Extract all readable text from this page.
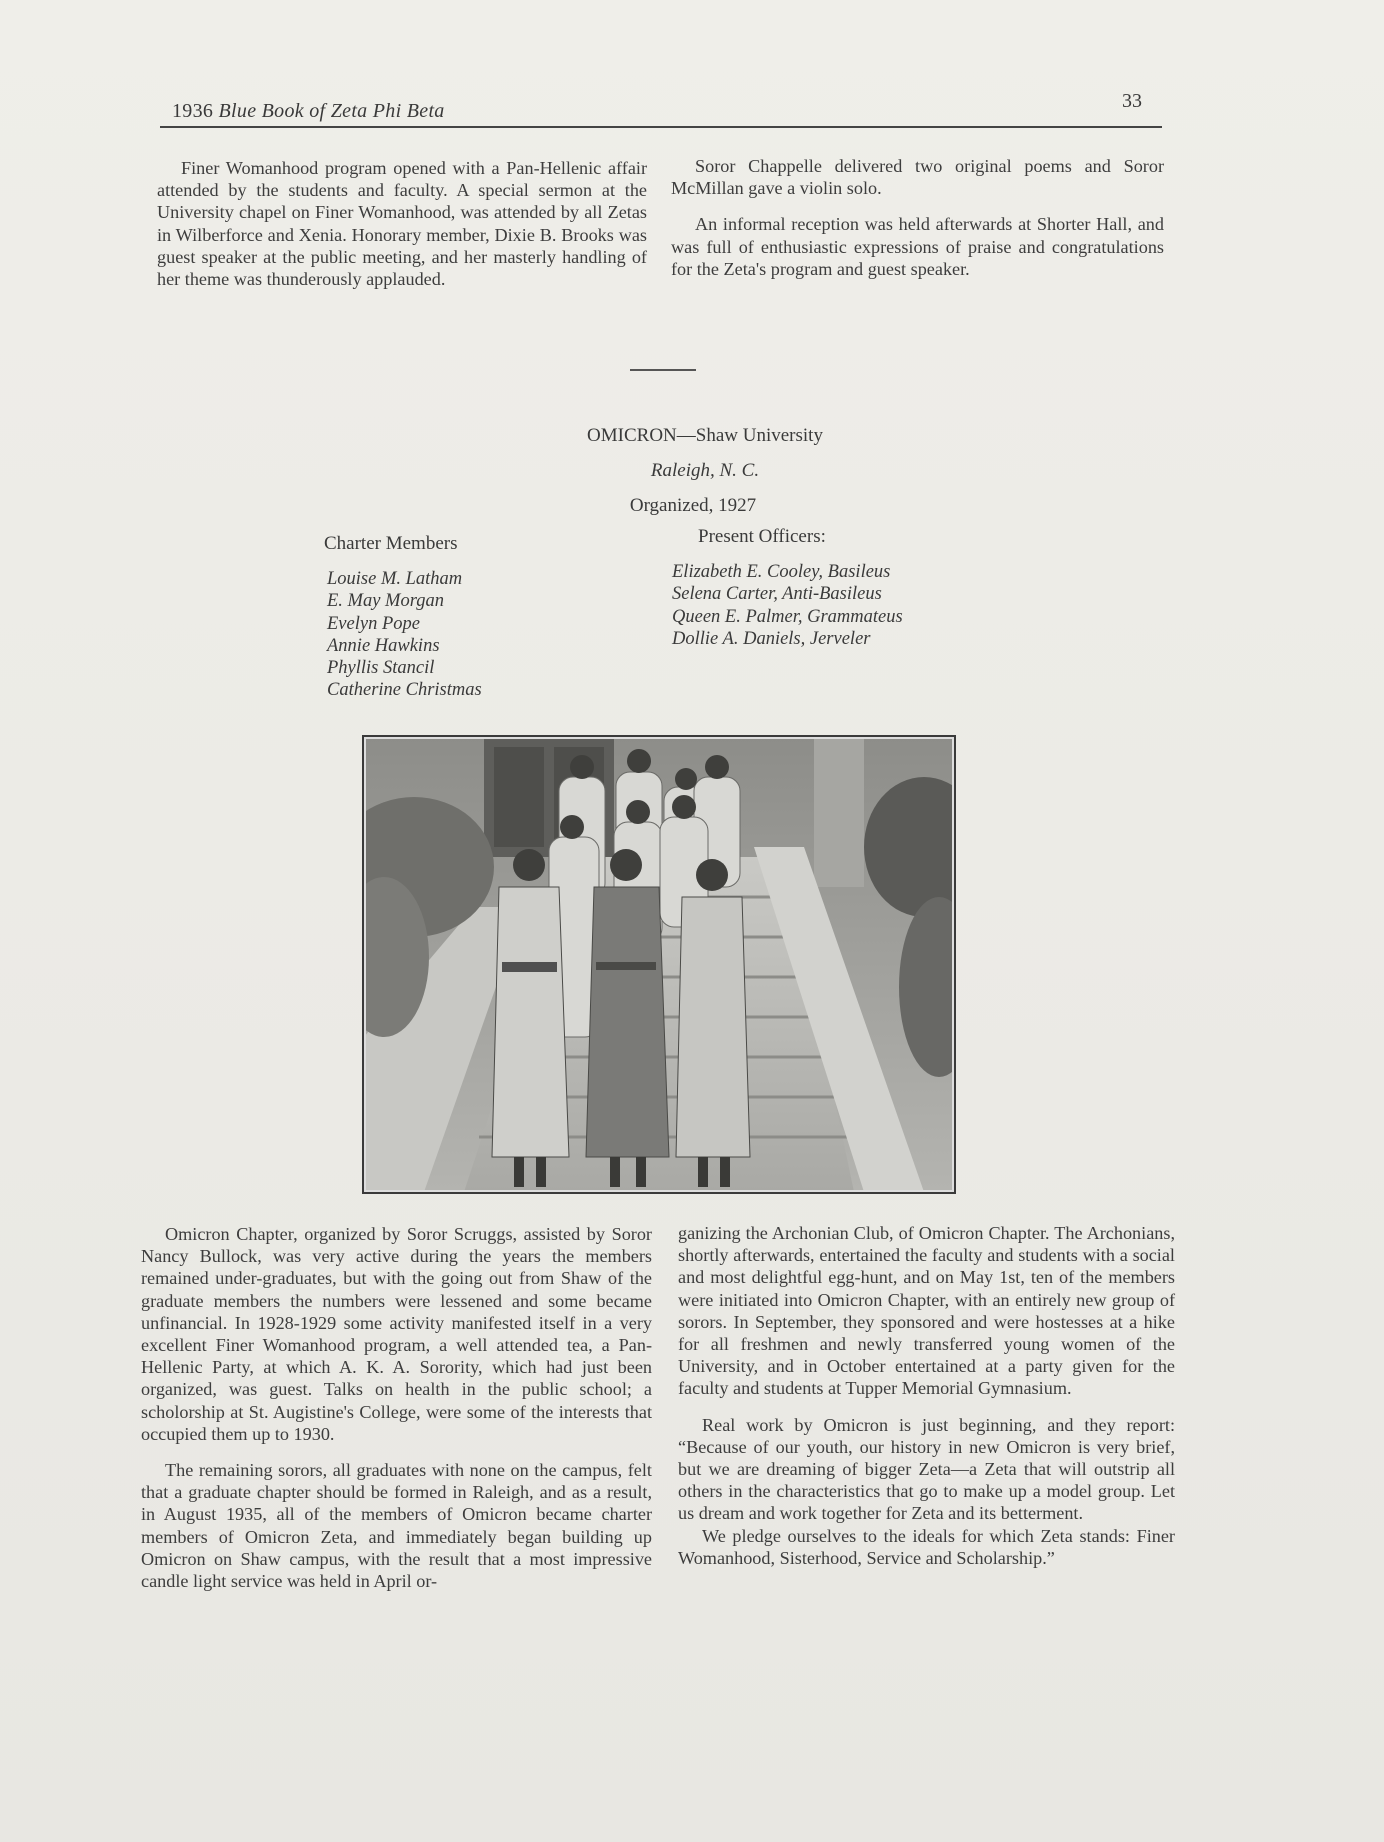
1936 Blue Book of Zeta Phi Beta	33

Finer Womanhood program opened with a Pan-Hellenic affair attended by the students and faculty. A special sermon at the University chapel on Finer Womanhood, was attended by all Zetas in Wilberforce and Xenia. Honorary member, Dixie B. Brooks was guest speaker at the public meeting, and her masterly handling of her theme was thunderously applauded.

Soror Chappelle delivered two original poems and Soror McMillan gave a violin solo.

An informal reception was held afterwards at Shorter Hall, and was full of enthusiastic expressions of praise and congratulations for the Zeta's program and guest speaker.

OMICRON—Shaw University
Raleigh, N. C.
Organized, 1927
Charter Members
Louise M. Latham
E. May Morgan
Evelyn Pope
Annie Hawkins
Phyllis Stancil
Catherine Christmas
Present Officers:
Elizabeth E. Cooley, Basileus
Selena Carter, Anti-Basileus
Queen E. Palmer, Grammateus
Dollie A. Daniels, Jerveler

Omicron Chapter, organized by Soror Scruggs, assisted by Soror Nancy Bullock, was very active during the years the members remained under-graduates, but with the going out from Shaw of the graduate members the numbers were lessened and some became unfinancial. In 1928-1929 some activity manifested itself in a very excellent Finer Womanhood program, a well attended tea, a Pan-Hellenic Party, at which A. K. A. Sorority, which had just been organized, was guest. Talks on health in the public school; a scholorship at St. Augistine's College, were some of the interests that occupied them up to 1930.

The remaining sorors, all graduates with none on the campus, felt that a graduate chapter should be formed in Raleigh, and as a result, in August 1935, all of the members of Omicron became charter members of Omicron Zeta, and immediately began building up Omicron on Shaw campus, with the result that a most impressive candle light service was held in April or-

ganizing the Archonian Club, of Omicron Chapter. The Archonians, shortly afterwards, entertained the faculty and students with a social and most delightful egg-hunt, and on May 1st, ten of the members were initiated into Omicron Chapter, with an entirely new group of sorors. In September, they sponsored and were hostesses at a hike for all freshmen and newly transferred young women of the University, and in October entertained at a party given for the faculty and students at Tupper Memorial Gymnasium.

Real work by Omicron is just beginning, and they report: “Because of our youth, our history in new Omicron is very brief, but we are dreaming of bigger Zeta—a Zeta that will outstrip all others in the characteristics that go to make up a model group. Let us dream and work together for Zeta and its betterment.

We pledge ourselves to the ideals for which Zeta stands: Finer Womanhood, Sisterhood, Service and Scholarship.”
